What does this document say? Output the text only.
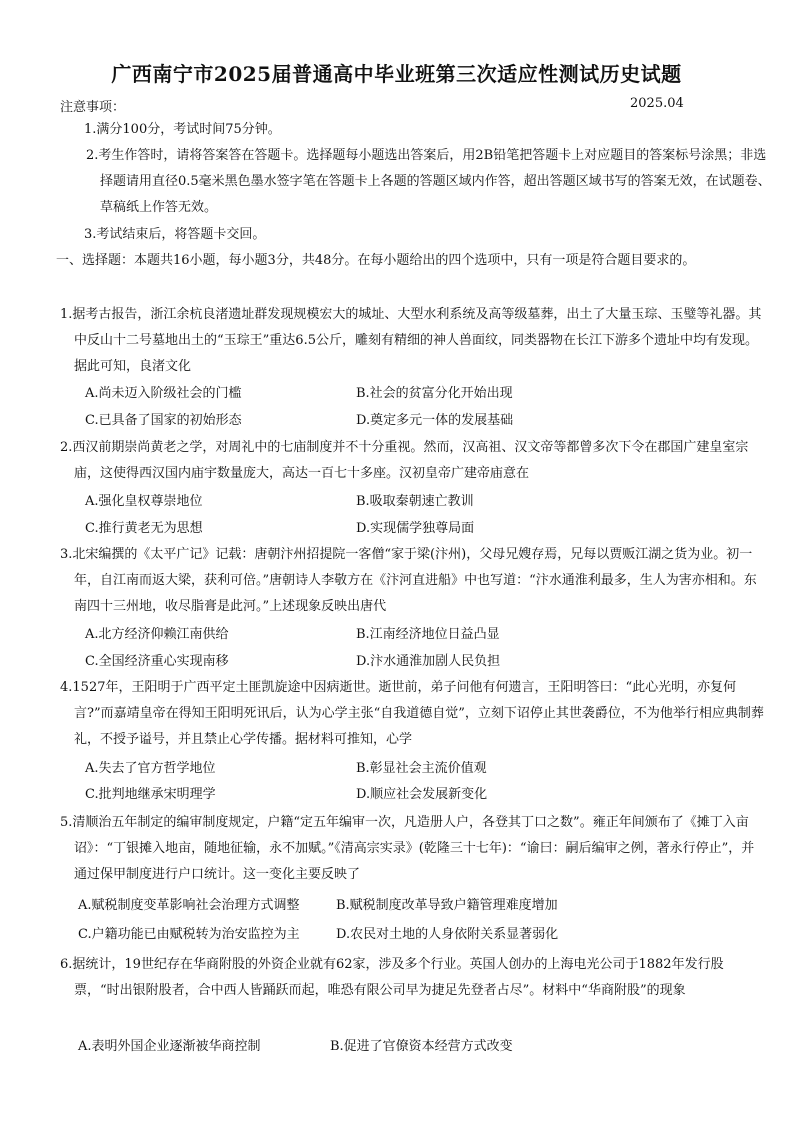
广西南宁市2025届普通高中毕业班第三次适应性测试历史试题
注意事项：	2025.04
1.满分100分，考试时间75分钟。
2.考生作答时，请将答案答在答题卡。选择题每小题选出答案后，用2B铅笔把答题卡上对应题目的答案标号涂黑；非选择题请用直径0.5毫米黑色墨水签字笔在答题卡上各题的答题区域内作答，超出答题区域书写的答案无效，在试题卷、草稿纸上作答无效。
3.考试结束后，将答题卡交回。
一、选择题：本题共16小题，每小题3分，共48分。在每小题给出的四个选项中，只有一项是符合题目要求的。
1.据考古报告，浙江余杭良渚遗址群发现规模宏大的城址、大型水利系统及高等级墓葬，出土了大量玉琮、玉璧等礼器。其中反山十二号墓地出土的“玉琮王”重达6.5公斤，雕刻有精细的神人兽面纹，同类器物在长江下游多个遗址中均有发现。据此可知，良渚文化
A.尚未迈入阶级社会的门槛	B.社会的贫富分化开始出现
C.已具备了国家的初始形态	D.奠定多元一体的发展基础
2.西汉前期崇尚黄老之学，对周礼中的七庙制度并不十分重视。然而，汉高祖、汉文帝等都曾多次下令在郡国广建皇室宗庙，这使得西汉国内庙宇数量庞大，高达一百七十多座。汉初皇帝广建帝庙意在
A.强化皇权尊崇地位	B.吸取秦朝速亡教训
C.推行黄老无为思想	D.实现儒学独尊局面
3.北宋编撰的《太平广记》记载：唐朝汴州招提院一客僧“家于梁(汴州)，父母兄嫂存焉，兄每以贾贩江湖之货为业。初一年，自江南而返大梁，获利可倍。”唐朝诗人李敬方在《汴河直进船》中也写道：“汴水通淮利最多，生人为害亦相和。东南四十三州地，收尽脂膏是此河。”上述现象反映出唐代
A.北方经济仰赖江南供给	B.江南经济地位日益凸显
C.全国经济重心实现南移	D.汴水通淮加剧人民负担
4.1527年，王阳明于广西平定土匪凯旋途中因病逝世。逝世前，弟子问他有何遗言，王阳明答曰：“此心光明，亦复何言?”而嘉靖皇帝在得知王阳明死讯后，认为心学主张“自我道德自觉”，立刻下诏停止其世袭爵位，不为他举行相应典制葬礼，不授予谥号，并且禁止心学传播。据材料可推知，心学
A.失去了官方哲学地位	B.彰显社会主流价值观
C.批判地继承宋明理学	D.顺应社会发展新变化
5.清顺治五年制定的编审制度规定，户籍“定五年编审一次，凡造册人户，各登其丁口之数”。雍正年间颁布了《摊丁入亩诏》：“丁银摊入地亩，随地征输，永不加赋。”《清高宗实录》(乾隆三十七年)：“谕曰：嗣后编审之例，著永行停止”，并通过保甲制度进行户口统计。这一变化主要反映了
A.赋税制度变革影响社会治理方式调整	B.赋税制度改革导致户籍管理难度增加
C.户籍功能已由赋税转为治安监控为主	D.农民对土地的人身依附关系显著弱化
6.据统计，19世纪存在华商附股的外资企业就有62家，涉及多个行业。英国人创办的上海电光公司于1882年发行股票，“时出银附股者，合中西人皆踊跃而起，唯恐有限公司早为捷足先登者占尽”。材料中“华商附股”的现象
A.表明外国企业逐渐被华商控制	B.促进了官僚资本经营方式改变
